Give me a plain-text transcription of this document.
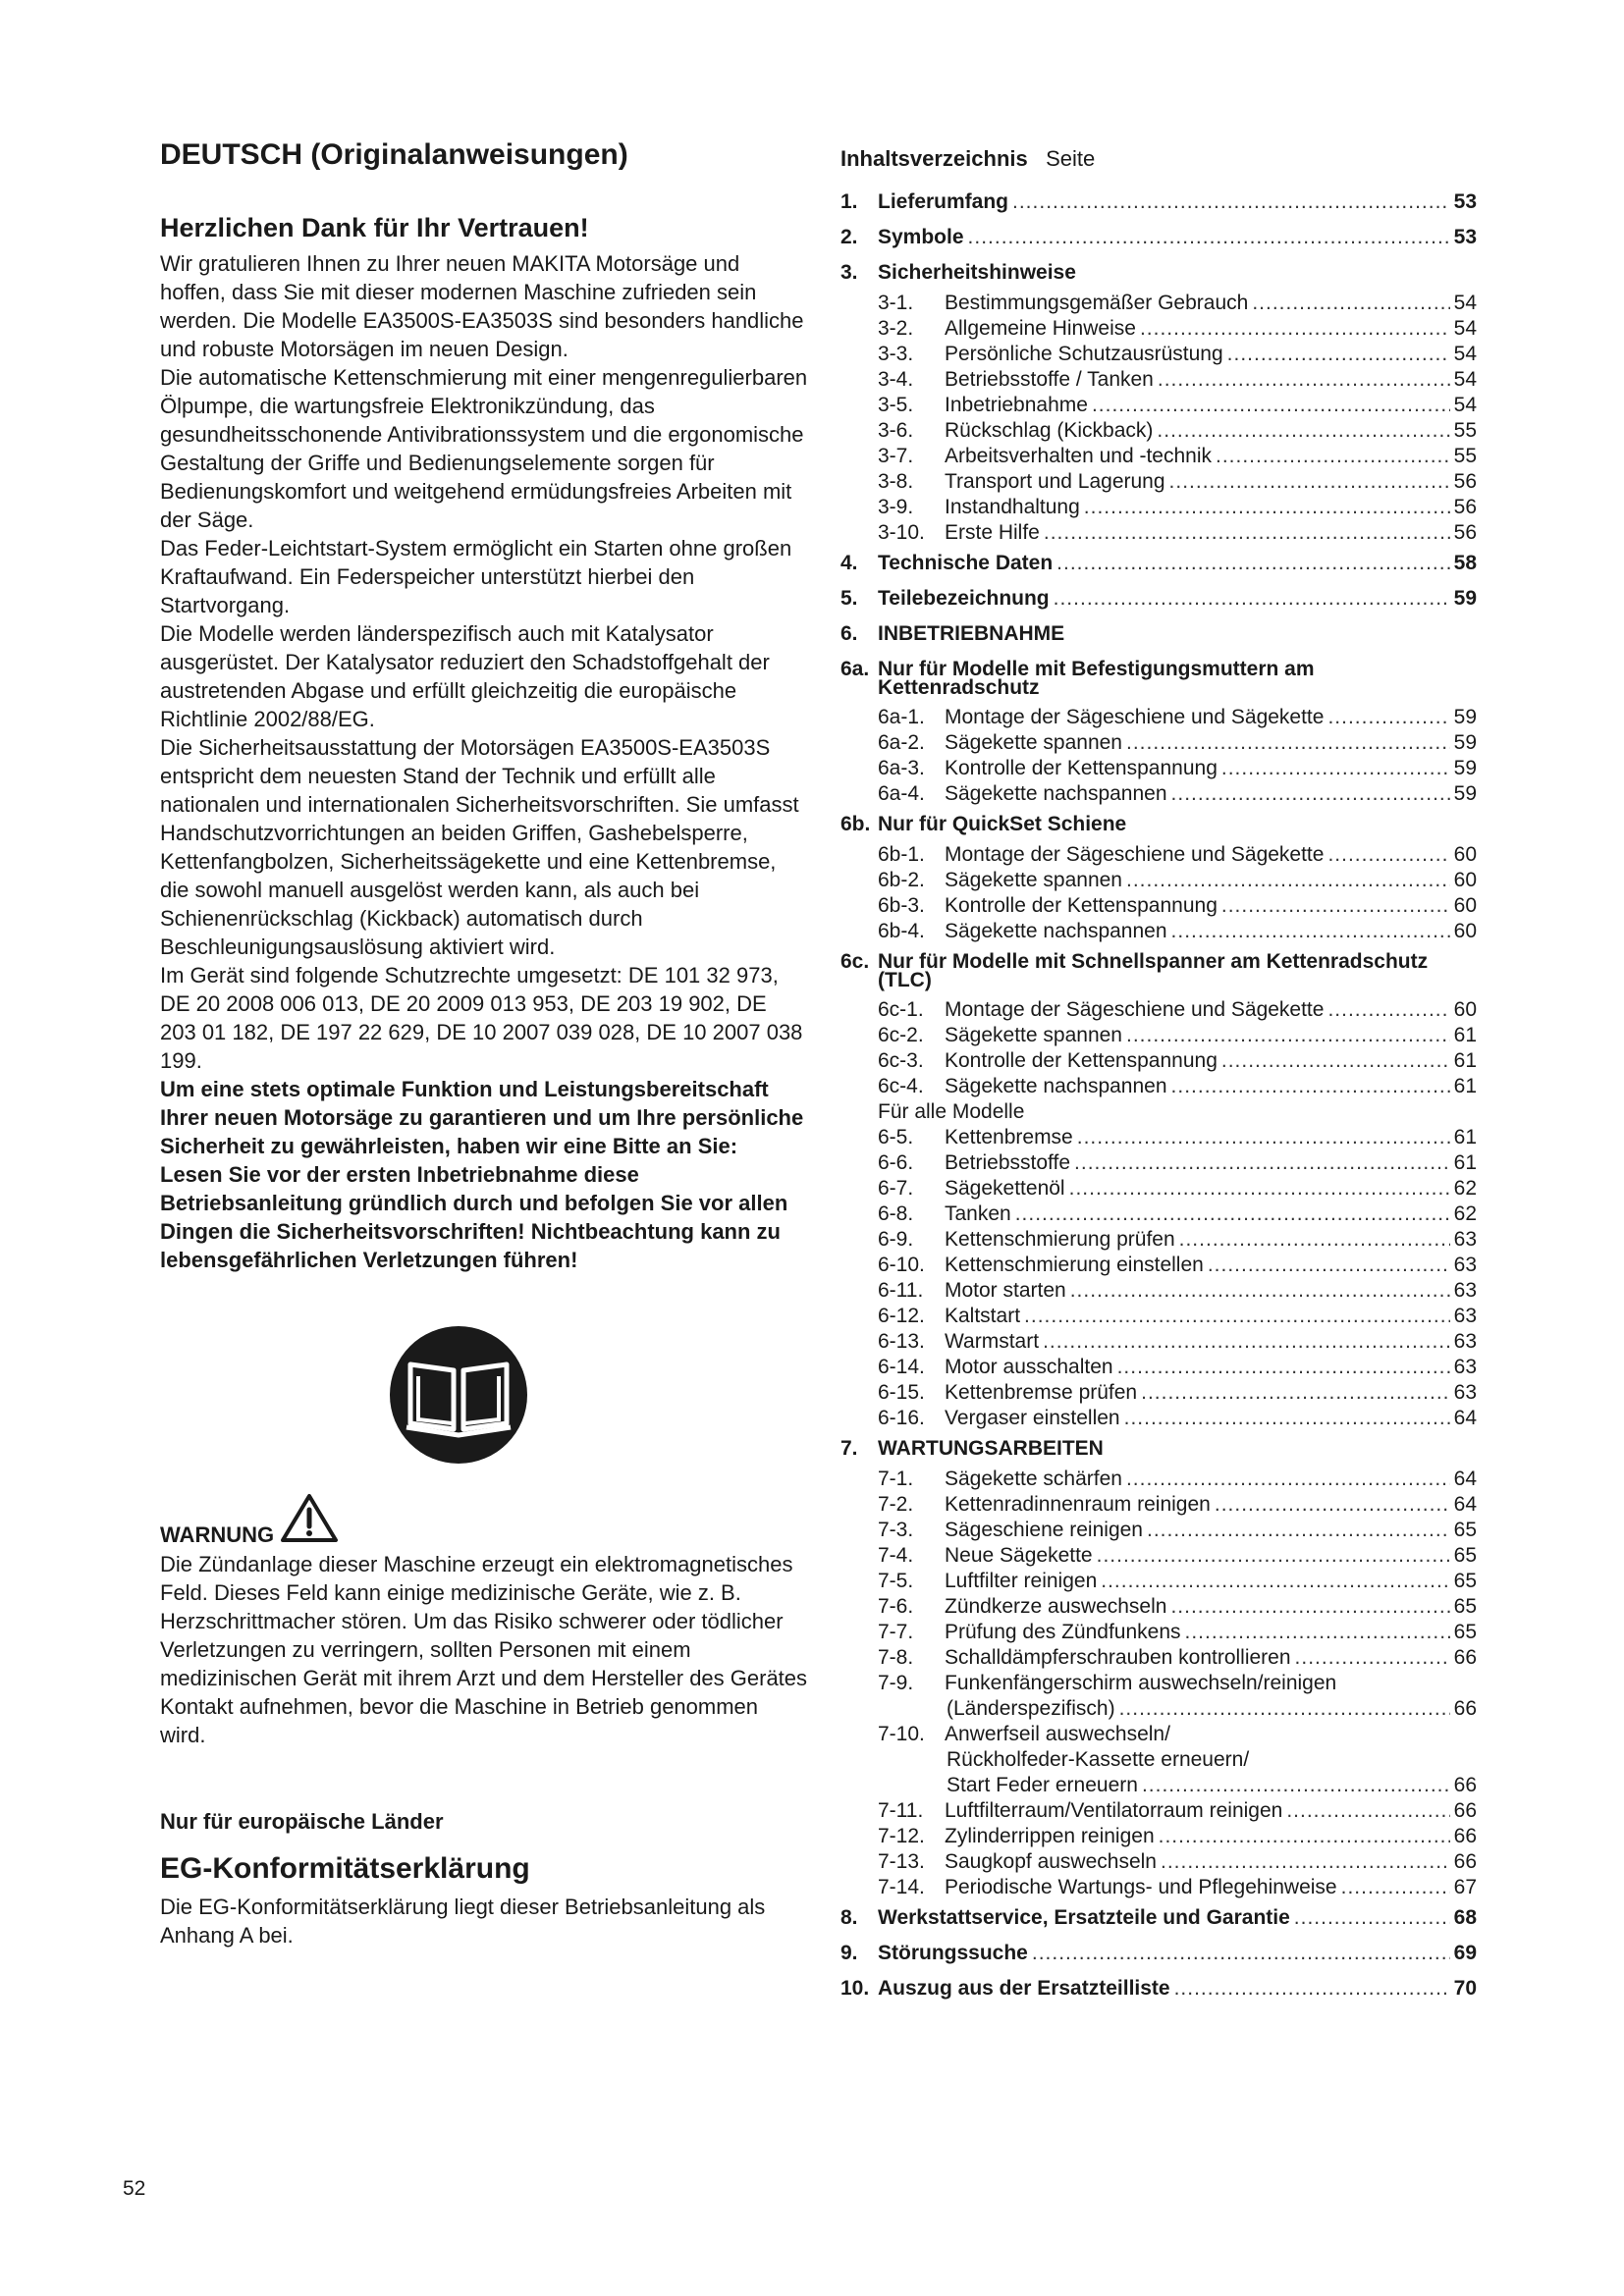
DEUTSCH (Originalanweisungen)
Herzlichen Dank für Ihr Vertrauen!

Wir gratulieren Ihnen zu Ihrer neuen MAKITA Motorsäge und hoffen, dass Sie mit dieser modernen Maschine zufrieden sein werden. Die Modelle EA3500S-EA3503S sind besonders handliche und robuste Motorsägen im neuen Design.

Die automatische Kettenschmierung mit einer mengenregulierbaren Ölpumpe, die wartungsfreie Elektronikzündung, das gesundheitsschonende Antivibrationssystem und die ergonomische Gestaltung der Griffe und Bedienungselemente sorgen für Bedienungskomfort und weitgehend ermüdungsfreies Arbeiten mit der Säge.

Das Feder-Leichtstart-System ermöglicht ein Starten ohne großen Kraftaufwand. Ein Federspeicher unterstützt hierbei den Startvorgang.

Die Modelle werden länderspezifisch auch mit Katalysator ausgerüstet. Der Katalysator reduziert den Schadstoffgehalt der austretenden Abgase und erfüllt gleichzeitig die europäische Richtlinie 2002/88/EG.

Die Sicherheitsausstattung der Motorsägen EA3500S-EA3503S entspricht dem neuesten Stand der Technik und erfüllt alle nationalen und internationalen Sicherheitsvorschriften. Sie umfasst Handschutzvorrichtungen an beiden Griffen, Gashebelsperre, Kettenfangbolzen, Sicherheitssägekette und eine Kettenbremse, die sowohl manuell ausgelöst werden kann, als auch bei Schienenrückschlag (Kickback) automatisch durch Beschleunigungsauslösung aktiviert wird.

Im Gerät sind folgende Schutzrechte umgesetzt: DE 101 32 973, DE 20 2008 006 013, DE 20 2009 013 953, DE 203 19 902, DE 203 01 182, DE 197 22 629, DE 10 2007 039 028, DE 10 2007 038 199.

Um eine stets optimale Funktion und Leistungsbereitschaft Ihrer neuen Motorsäge zu garantieren und um Ihre persönliche Sicherheit zu gewährleisten, haben wir eine Bitte an Sie:

Lesen Sie vor der ersten Inbetriebnahme diese Betriebsanleitung gründlich durch und befolgen Sie vor allen Dingen die Sicherheitsvorschriften! Nichtbeachtung kann zu lebensgefährlichen Verletzungen führen!

WARNUNG

Die Zündanlage dieser Maschine erzeugt ein elektromagnetisches Feld. Dieses Feld kann einige medizinische Geräte, wie z. B. Herzschrittmacher stören. Um das Risiko schwerer oder tödlicher Verletzungen zu verringern, sollten Personen mit einem medizinischen Gerät mit ihrem Arzt und dem Hersteller des Gerätes Kontakt aufnehmen, bevor die Maschine in Betrieb genommen wird.

Nur für europäische Länder

EG-Konformitätserklärung

Die EG-Konformitätserklärung liegt dieser Betriebsanleitung als Anhang A bei.

Inhaltsverzeichnis Seite
1. Lieferumfang .....	53
2. Symbole .....	53
3. Sicherheitshinweise
3-1.	Bestimmungsgemäßer Gebrauch .....	54
3-2.	Allgemeine Hinweise .....	54
3-3.	Persönliche Schutzausrüstung .....	54
3-4.	Betriebsstoffe / Tanken .....	54
3-5.	Inbetriebnahme .....	54
3-6.	Rückschlag (Kickback) .....	55
3-7.	Arbeitsverhalten und -technik .....	55
3-8.	Transport und Lagerung .....	56
3-9.	Instandhaltung .....	56
3-10. Erste Hilfe .....	56
4. Technische Daten .....	58
5. Teilebezeichnung .....	59
6. INBETRIEBNAHME
6a. Nur für Modelle mit Befestigungsmuttern am
Kettenradschutz
6a-1. Montage der Sägeschiene und Sägekette .....	59
6a-2. Sägekette spannen .....	59
6a-3. Kontrolle der Kettenspannung .....	59
6a-4. Sägekette nachspannen .....	59
6b. Nur für QuickSet Schiene
6b-1. Montage der Sägeschiene und Sägekette .....	60
6b-2. Sägekette spannen .....	60
6b-3. Kontrolle der Kettenspannung .....	60
6b-4. Sägekette nachspannen .....	60
6c. Nur für Modelle mit Schnellspanner am Kettenradschutz
(TLC)
6c-1.	Montage der Sägeschiene und Sägekette .....	60
6c-2.	Sägekette spannen .....	61
6c-3.	Kontrolle der Kettenspannung .....	61
6c-4.	Sägekette nachspannen .....	61
Für alle Modelle
6-5.	Kettenbremse .....	61
6-6.	Betriebsstoffe .....	61
6-7.	Sägekettenöl .....	62
6-8.	Tanken .....	62
6-9.	Kettenschmierung prüfen .....	63
6-10. Kettenschmierung einstellen .....	63
6-11.	Motor starten .....	63
6-12. Kaltstart .....	63
6-13. Warmstart .....	63
6-14. Motor ausschalten .....	63
6-15. Kettenbremse prüfen .....	63
6-16. Vergaser einstellen .....	64
7. WARTUNGSARBEITEN
7-1.	Sägekette schärfen .....	64
7-2.	Kettenradinnenraum reinigen .....	64
7-3.	Sägeschiene reinigen .....	65
7-4.	Neue Sägekette .....	65
7-5.	Luftfilter reinigen .....	65
7-6.	Zündkerze auswechseln .....	65
7-7.	Prüfung des Zündfunkens .....	65
7-8.	Schalldämpferschrauben kontrollieren .....	66
7-9.	Funkenfängerschirm auswechseln/reinigen
(Länderspezifisch) .....	66
7-10. Anwerfseil auswechseln/
Rückholfeder-Kassette erneuern/
Start Feder erneuern .....	66
7-11.	Luftfilterraum/Ventilatorraum reinigen .....	66
7-12. Zylinderrippen reinigen .....	66
7-13. Saugkopf auswechseln .....	66
7-14. Periodische Wartungs- und Pflegehinweise .....	67
8. Werkstattservice, Ersatzteile und Garantie .....	68
9. Störungssuche .....	69
10. Auszug aus der Ersatzteilliste .....	70
52
